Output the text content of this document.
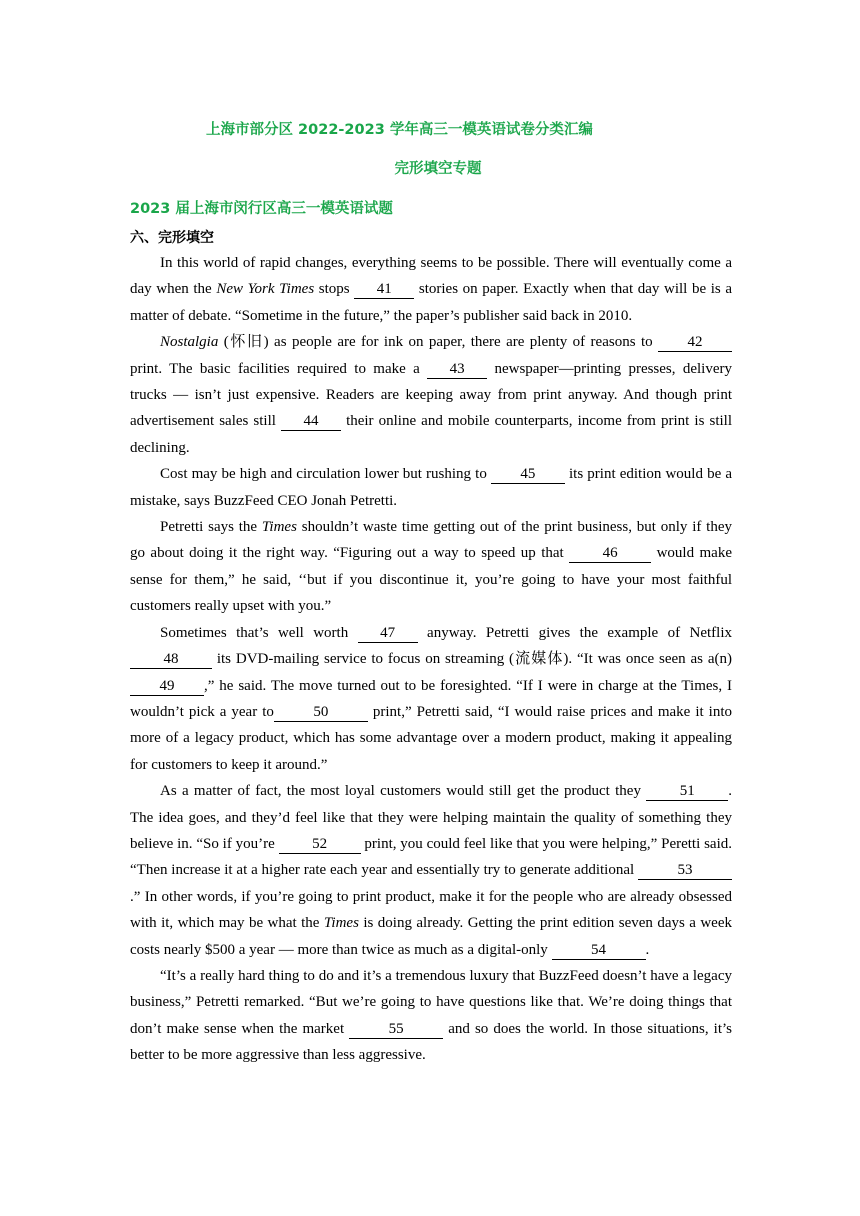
上海市部分区 2022-2023 学年高三一模英语试卷分类汇编
完形填空专题
2023 届上海市闵行区高三一模英语试题
六、完形填空

In this world of rapid changes, everything seems to be possible. There will eventually come a day when the New York Times stops 41 stories on paper. Exactly when that day will be is a matter of debate. “Sometime in the future,” the paper’s publisher said back in 2010.

Nostalgia (怀旧) as people are for ink on paper, there are plenty of reasons to 42 print. The basic facilities required to make a 43 newspaper—printing presses, delivery trucks — isn’t just expensive. Readers are keeping away from print anyway. And though print advertisement sales still 44 their online and mobile counterparts, income from print is still declining.

Cost may be high and circulation lower but rushing to 45 its print edition would be a mistake, says BuzzFeed CEO Jonah Petretti.

Petretti says the Times shouldn’t waste time getting out of the print business, but only if they go about doing it the right way. “Figuring out a way to speed up that 46 would make sense for them,” he said, ‘‘but if you discontinue it, you’re going to have your most faithful customers really upset with you.”

Sometimes that’s well worth 47 anyway. Petretti gives the example of Netflix 48 its DVD-mailing service to focus on streaming (流媒体). “It was once seen as a(n) 49 ,” he said. The move turned out to be foresighted. “If I were in charge at the Times, I wouldn’t pick a year to	50	print,” Petretti said, “I would raise prices and make it into more of a legacy product, which has some advantage over a modern product, making it appealing for customers to keep it around.”

As a matter of fact, the most loyal customers would still get the product they 51 . The idea goes, and they’d feel like that they were helping maintain the quality of something they believe in. “So if you’re 52 print, you could feel like that you were helping,” Peretti said. “Then increase it at a higher rate each year and essentially try to generate additional	53.” In other words, if you’re going to print product, make it for the people who are already obsessed with it, which may be what the Times is doing already. Getting the print edition seven days a week costs nearly $500 a year — more than twice as much as a digital-only	54	.

“It’s a really hard thing to do and it’s a tremendous luxury that BuzzFeed doesn’t have a legacy business,” Petretti remarked. “But we’re going to have questions like that. We’re doing things that don’t make sense when the market	55	and so does the world. In those situations, it’s better to be more aggressive than less aggressive.
